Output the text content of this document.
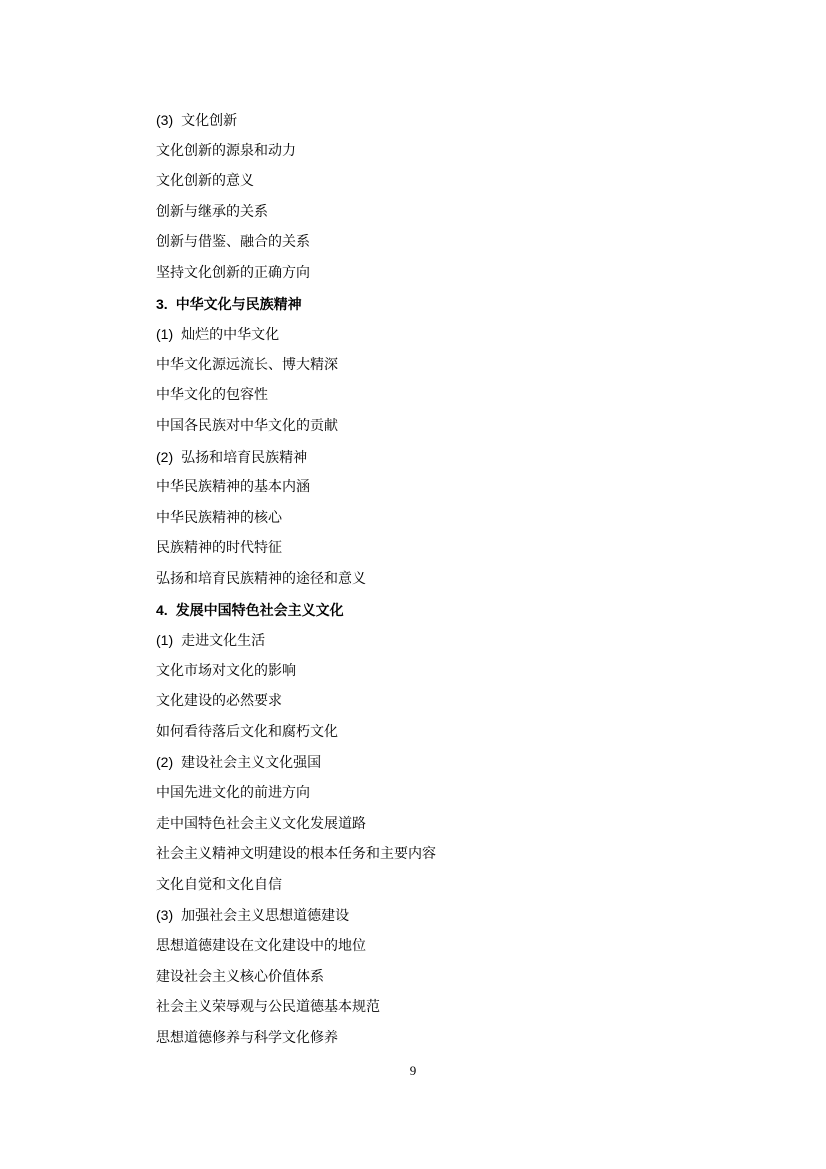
(3) 文化创新
文化创新的源泉和动力
文化创新的意义
创新与继承的关系
创新与借鉴、融合的关系
坚持文化创新的正确方向
3. 中华文化与民族精神
(1) 灿烂的中华文化
中华文化源远流长、博大精深
中华文化的包容性
中国各民族对中华文化的贡献
(2) 弘扬和培育民族精神
中华民族精神的基本内涵
中华民族精神的核心
民族精神的时代特征
弘扬和培育民族精神的途径和意义
4. 发展中国特色社会主义文化
(1) 走进文化生活
文化市场对文化的影响
文化建设的必然要求
如何看待落后文化和腐朽文化
(2) 建设社会主义文化强国
中国先进文化的前进方向
走中国特色社会主义文化发展道路
社会主义精神文明建设的根本任务和主要内容
文化自觉和文化自信
(3) 加强社会主义思想道德建设
思想道德建设在文化建设中的地位
建设社会主义核心价值体系
社会主义荣辱观与公民道德基本规范
思想道德修养与科学文化修养
9
